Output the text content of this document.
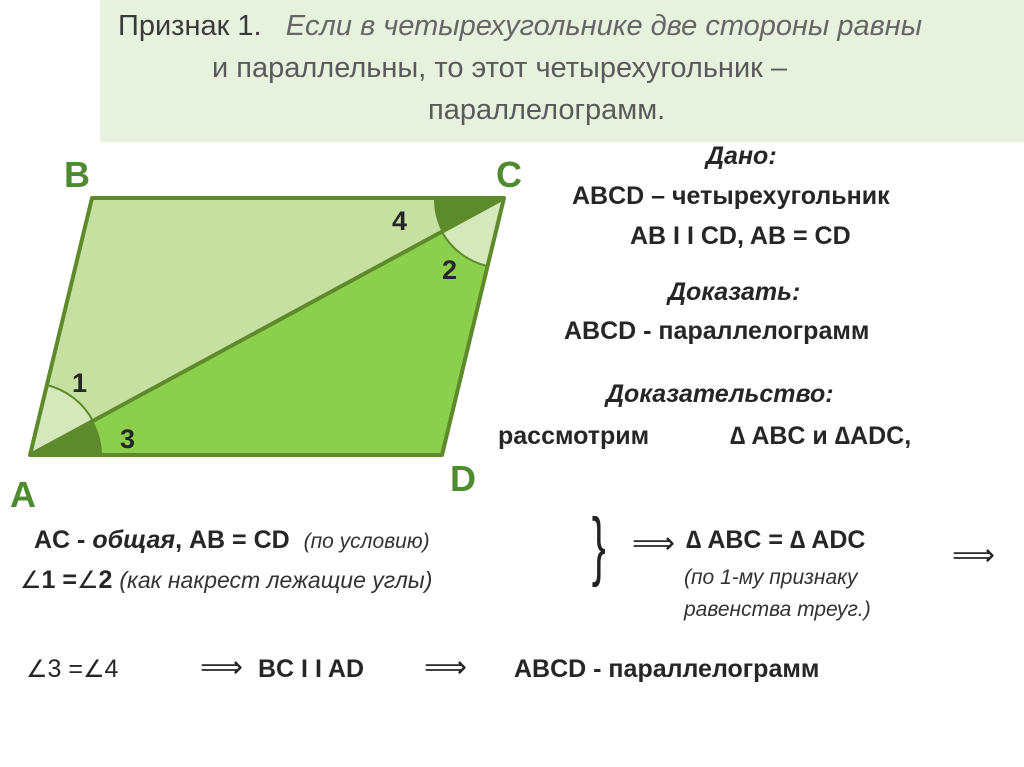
Признак 1. Если в четырехугольнике две стороны равны
и параллельны, то этот четырехугольник –
параллелограмм.
B	C
A	D
4
2
1
3
Дано:
ABCD – четырехугольник
AB I I CD, AB = CD
Доказать:
ABCD - параллелограмм
Доказательство:
рассмотрим	∆ ABC и ∆ADC,
AC - общая, AB = CD (по условию)
∠1 =∠2 (как накрест лежащие углы) } ⟹ ∆ ABC = ∆ ADC
(по 1-му признаку
равенства треуг.)
⟹
∠3 =∠4	⟹ BC I I AD ⟹ ABCD - параллелограмм
